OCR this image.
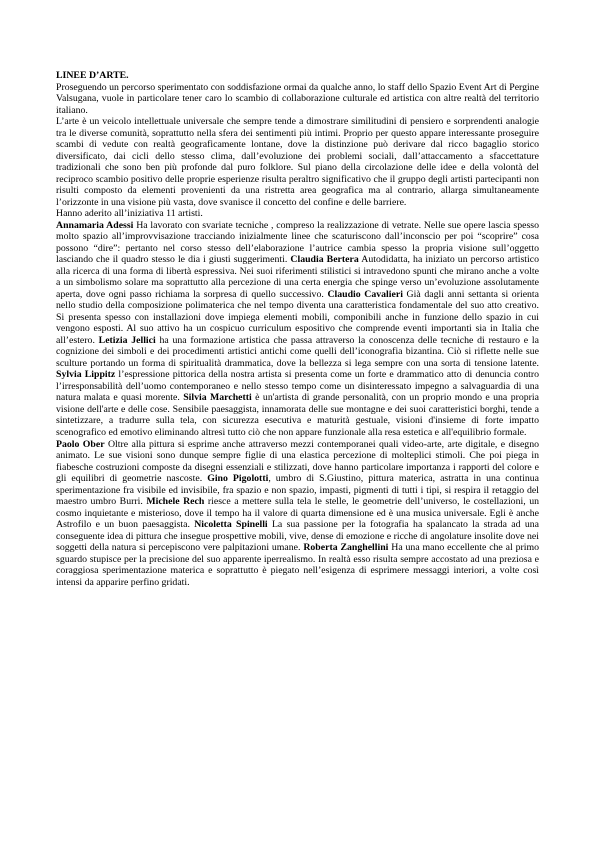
LINEE D’ARTE.

Proseguendo un percorso sperimentato con soddisfazione ormai da qualche anno, lo staff dello Spazio Event Art di Pergine Valsugana, vuole in particolare tener caro lo scambio di collaborazione culturale ed artistica con altre realtà del territorio italiano.

L’arte è un veicolo intellettuale universale che sempre tende a dimostrare similitudini di pensiero e sorprendenti analogie tra le diverse comunità, soprattutto nella sfera dei sentimenti più intimi. Proprio per questo appare interessante proseguire scambi di vedute con realtà geograficamente lontane, dove la distinzione può derivare dal ricco bagaglio storico diversificato, dai cicli dello stesso clima, dall’evoluzione dei problemi sociali, dall’attaccamento a sfaccettature tradizionali che sono ben più profonde dal puro folklore. Sul piano della circolazione delle idee e della volontà del reciproco scambio positivo delle proprie esperienze risulta peraltro significativo che il gruppo degli artisti partecipanti non risulti composto da elementi provenienti da una ristretta area geografica ma al contrario, allarga simultaneamente l’orizzonte in una visione più vasta, dove svanisce il concetto del confine e delle barriere.

Hanno aderito all’iniziativa 11 artisti.

Annamaria Adessi Ha lavorato con svariate tecniche , compreso la realizzazione di vetrate. Nelle sue opere lascia spesso molto spazio all’improvvisazione tracciando inizialmente linee che scaturiscono dall’inconscio per poi “scoprire” cosa possono “dire”: pertanto nel corso stesso dell’elaborazione l’autrice cambia spesso la propria visione sull’oggetto lasciando che il quadro stesso le dia i giusti suggerimenti. Claudia Bertera Autodidatta, ha iniziato un percorso artistico alla ricerca di una forma di libertà espressiva. Nei suoi riferimenti stilistici si intravedono spunti che mirano anche a volte a un simbolismo solare ma soprattutto alla percezione di una certa energia che spinge verso un’evoluzione assolutamente aperta, dove ogni passo richiama la sorpresa di quello successivo. Claudio Cavalieri Già dagli anni settanta si orienta nello studio della composizione polimaterica che nel tempo diventa una caratteristica fondamentale del suo atto creativo. Si presenta spesso con installazioni dove impiega elementi mobili, componibili anche in funzione dello spazio in cui vengono esposti. Al suo attivo ha un cospicuo curriculum espositivo che comprende eventi importanti sia in Italia che all’estero. Letizia Jellici ha una formazione artistica che passa attraverso la conoscenza delle tecniche di restauro e la cognizione dei simboli e dei procedimenti artistici antichi come quelli dell’iconografia bizantina. Ciò si riflette nelle sue sculture portando un forma di spiritualità drammatica, dove la bellezza si lega sempre con una sorta di tensione latente. Sylvia Lippitz l’espressione pittorica della nostra artista si presenta come un forte e drammatico atto di denuncia contro l’irresponsabilità dell’uomo contemporaneo e nello stesso tempo come un disinteressato impegno a salvaguardia di una natura malata e quasi morente. Silvia Marchetti è un'artista di grande personalità, con un proprio mondo e una propria visione dell'arte e delle cose. Sensibile paesaggista, innamorata delle sue montagne e dei suoi caratteristici borghi, tende a sintetizzare, a tradurre sulla tela, con sicurezza esecutiva e maturità gestuale, visioni d'insieme di forte impatto scenografico ed emotivo eliminando altresì tutto ciò che non appare funzionale alla resa estetica e all'equilibrio formale.

Paolo Ober Oltre alla pittura si esprime anche attraverso mezzi contemporanei quali video-arte, arte digitale, e disegno animato. Le sue visioni sono dunque sempre figlie di una elastica percezione di molteplici stimoli. Che poi piega in fiabesche costruzioni composte da disegni essenziali e stilizzati, dove hanno particolare importanza i rapporti del colore e gli equilibri di geometrie nascoste. Gino Pigolotti, umbro di S.Giustino, pittura materica, astratta in una continua sperimentazione fra visibile ed invisibile, fra spazio e non spazio, impasti, pigmenti di tutti i tipi, si respira il retaggio del maestro umbro Burri. Michele Rech riesce a mettere sulla tela le stelle, le geometrie dell’universo, le costellazioni, un cosmo inquietante e misterioso, dove il tempo ha il valore di quarta dimensione ed è una musica universale. Egli è anche Astrofilo e un buon paesaggista. Nicoletta Spinelli La sua passione per la fotografia ha spalancato la strada ad una conseguente idea di pittura che insegue prospettive mobili, vive, dense di emozione e ricche di angolature insolite dove nei soggetti della natura si percepiscono vere palpitazioni umane. Roberta Zanghellini Ha una mano eccellente che al primo sguardo stupisce per la precisione del suo apparente iperrealismo. In realtà esso risulta sempre accostato ad una preziosa e coraggiosa sperimentazione materica e soprattutto è piegato nell’esigenza di esprimere messaggi interiori, a volte così intensi da apparire perfino gridati.
